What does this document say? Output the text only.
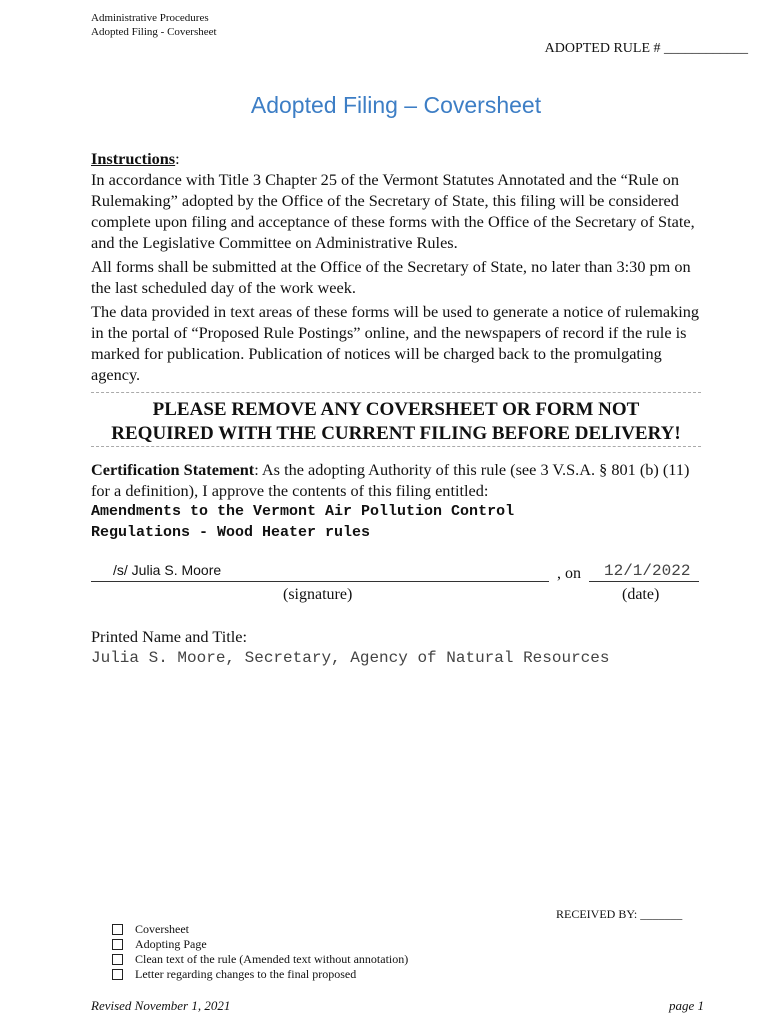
Administrative Procedures
Adopted Filing - Coversheet
ADOPTED RULE # ____________
Adopted Filing – Coversheet

Instructions:

In accordance with Title 3 Chapter 25 of the Vermont Statutes Annotated and the “Rule on Rulemaking” adopted by the Office of the Secretary of State, this filing will be considered complete upon filing and acceptance of these forms with the Office of the Secretary of State, and the Legislative Committee on Administrative Rules.

All forms shall be submitted at the Office of the Secretary of State, no later than 3:30 pm on the last scheduled day of the work week.

The data provided in text areas of these forms will be used to generate a notice of rulemaking in the portal of “Proposed Rule Postings” online, and the newspapers of record if the rule is marked for publication. Publication of notices will be charged back to the promulgating agency.

PLEASE REMOVE ANY COVERSHEET OR FORM NOT
REQUIRED WITH THE CURRENT FILING BEFORE DELIVERY!
Certification Statement: As the adopting Authority of this rule (see 3 V.S.A. § 801 (b) (11) for a definition), I approve the contents of this filing entitled:
Amendments to the Vermont Air Pollution Control
Regulations - Wood Heater rules
/s/ Julia S. Moore	, on 12/1/2022
(signature)	(date)
Printed Name and Title:
Julia S. Moore, Secretary, Agency of Natural Resources
RECEIVED BY: _______
Coversheet
Adopting Page
Clean text of the rule (Amended text without annotation)
Letter regarding changes to the final proposed
Revised November 1, 2021	page 1
